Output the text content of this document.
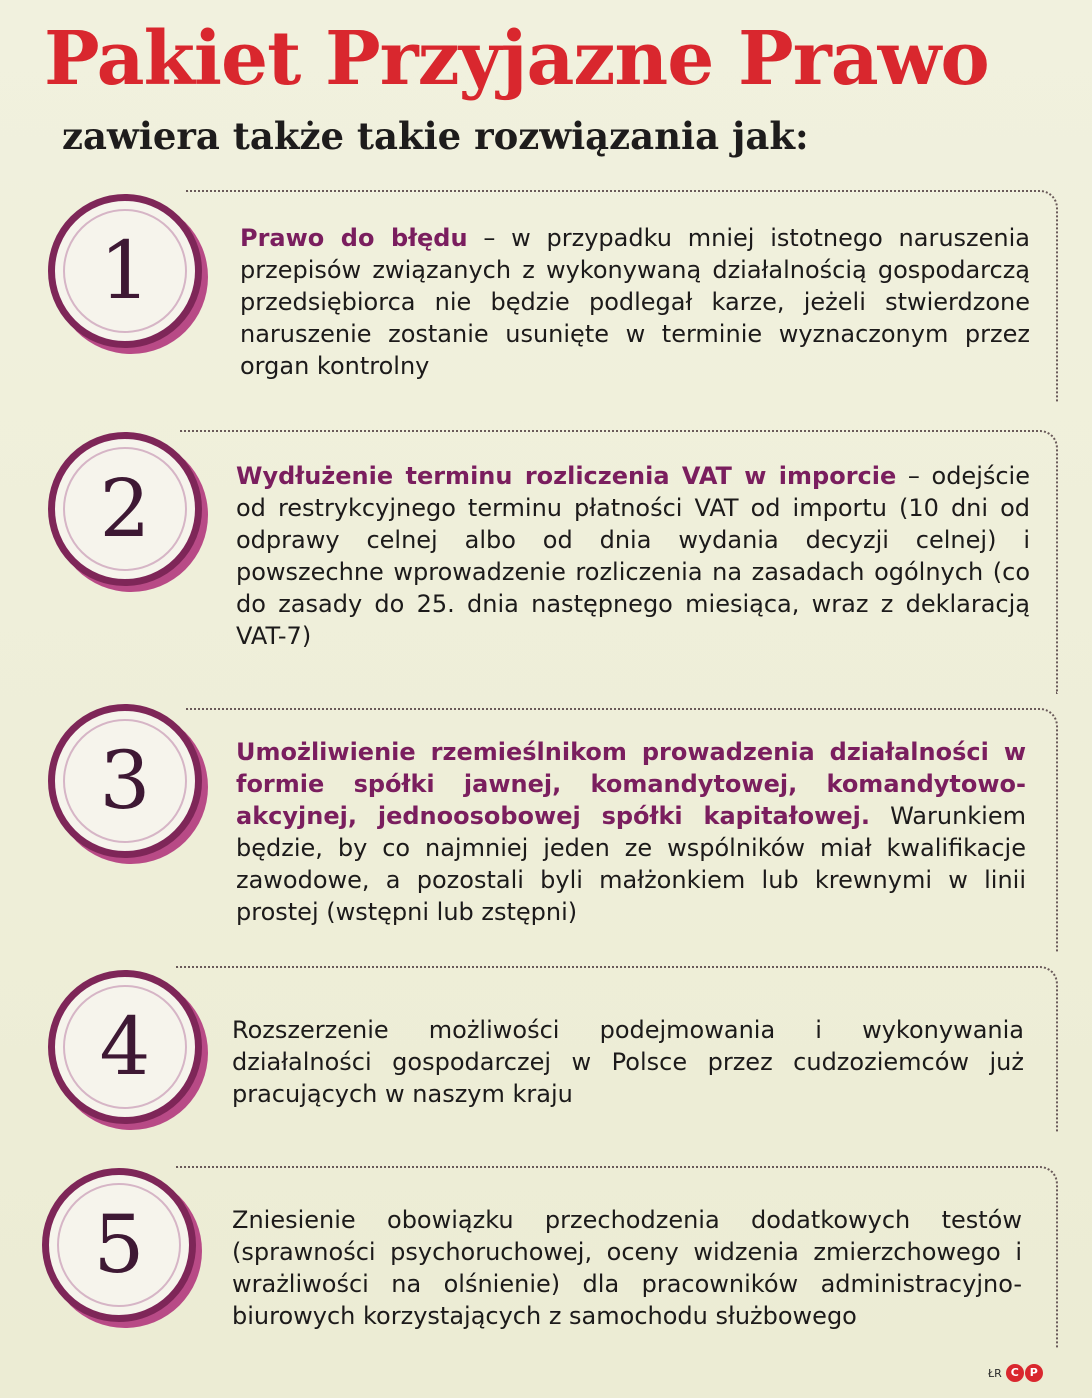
Pakiet Przyjazne Prawo
zawiera także takie rozwiązania jak:
1	Prawo do błędu – w przypadku mniej istotnego naruszenia przepisów związanych z wykonywaną działalnością gospodarczą przedsiębiorca nie będzie podlegał karze, jeżeli stwierdzone naruszenie zostanie usunięte w terminie wyznaczonym przez organ kontrolny
2	Wydłużenie terminu rozliczenia VAT w imporcie – odejście od restrykcyjnego terminu płatności VAT od importu (10 dni od odprawy celnej albo od dnia wydania decyzji celnej) i powszechne wprowadzenie rozliczenia na zasadach ogólnych (co do zasady do 25. dnia następnego miesiąca, wraz z deklaracją VAT-7)
3	Umożliwienie rzemieślnikom prowadzenia działalności w formie spółki jawnej, komandytowej, komandytowo-akcyjnej, jednoosobowej spółki kapitałowej. Warunkiem będzie, by co najmniej jeden ze wspólników miał kwalifikacje zawodowe, a pozostali byli małżonkiem lub krewnymi w linii prostej (wstępni lub zstępni)
4	Rozszerzenie możliwości podejmowania i wykonywania działalności gospodarczej w Polsce przez cudzoziemców już pracujących w naszym kraju
5	Zniesienie obowiązku przechodzenia dodatkowych testów (sprawności psychoruchowej, oceny widzenia zmierzchowego i wrażliwości na olśnienie) dla pracowników administracyjno-biurowych korzystających z samochodu służbowego
ŁR C P
